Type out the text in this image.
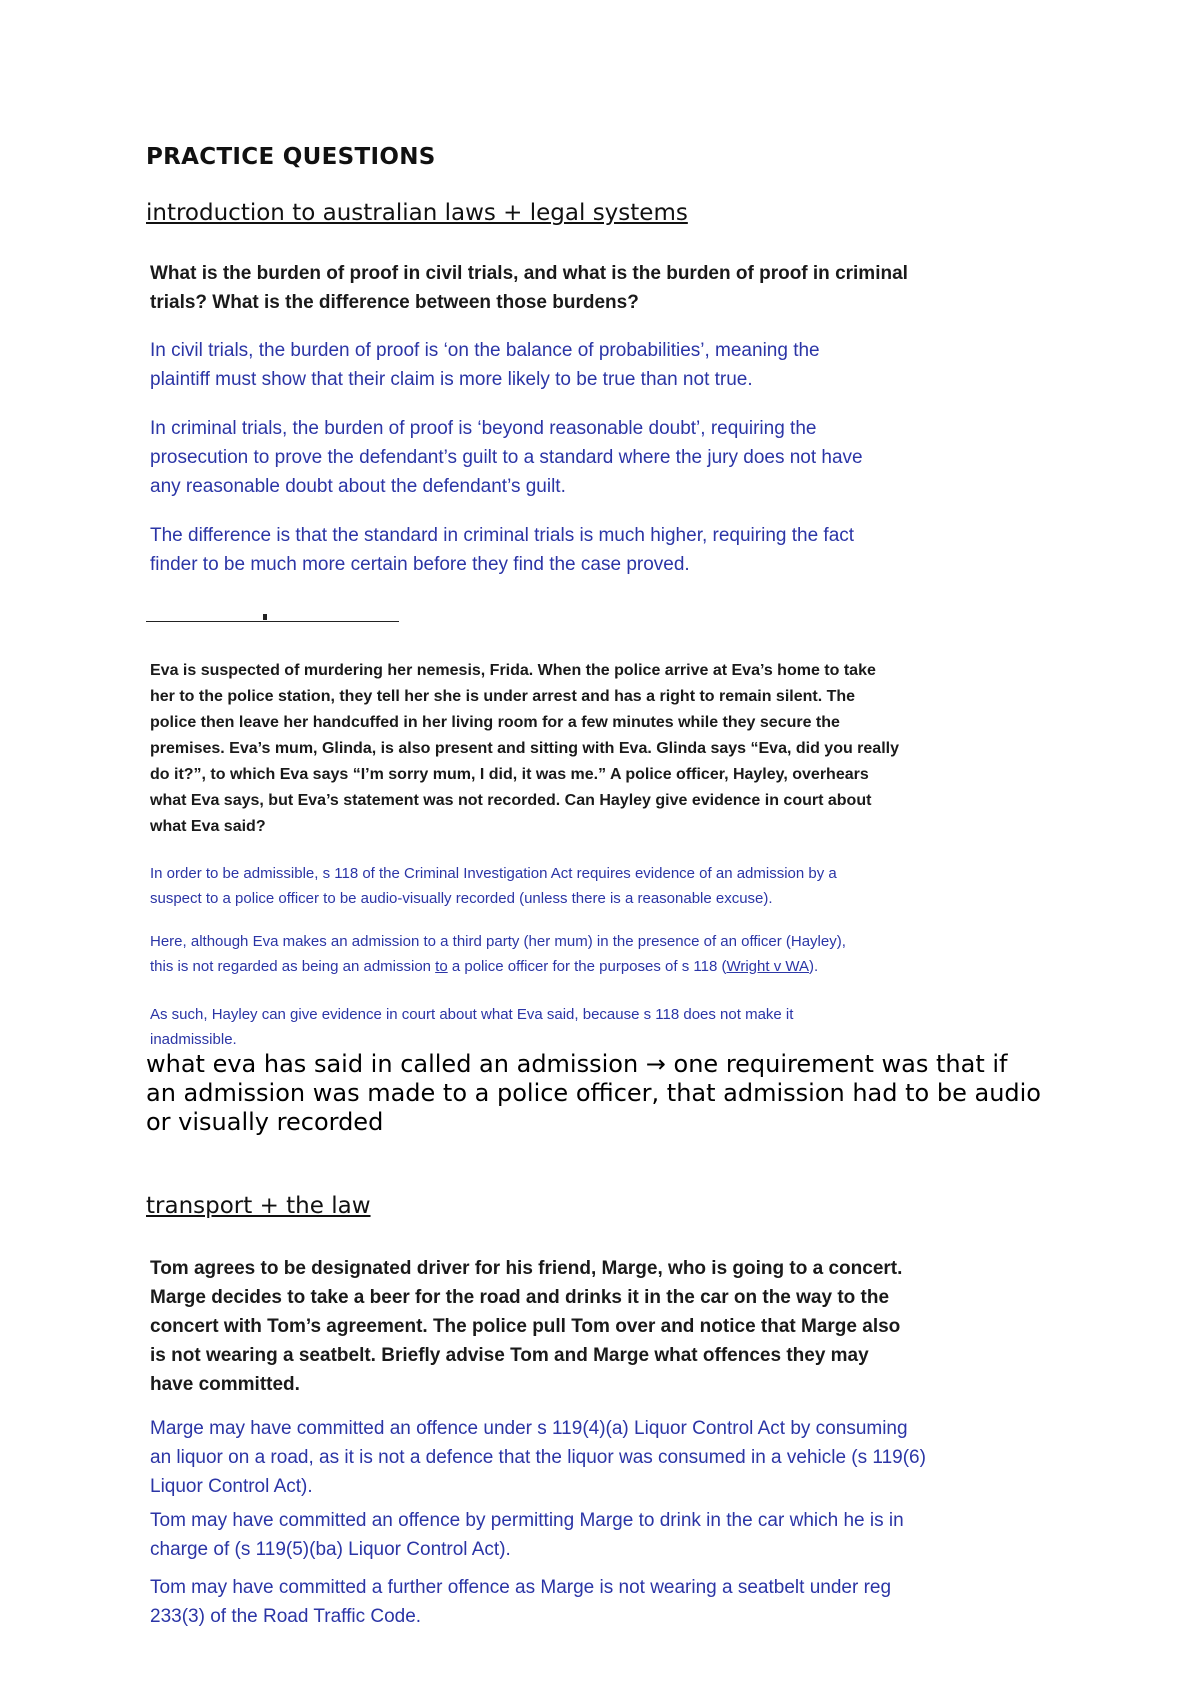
PRACTICE QUESTIONS
introduction to australian laws + legal systems
What is the burden of proof in civil trials, and what is the burden of proof in criminal
trials? What is the difference between those burdens?
In civil trials, the burden of proof is ‘on the balance of probabilities’, meaning the
plaintiff must show that their claim is more likely to be true than not true.
In criminal trials, the burden of proof is ‘beyond reasonable doubt’, requiring the
prosecution to prove the defendant’s guilt to a standard where the jury does not have
any reasonable doubt about the defendant’s guilt.
The difference is that the standard in criminal trials is much higher, requiring the fact
finder to be much more certain before they find the case proved.
Eva is suspected of murdering her nemesis, Frida. When the police arrive at Eva’s home to take
her to the police station, they tell her she is under arrest and has a right to remain silent. The
police then leave her handcuffed in her living room for a few minutes while they secure the
premises. Eva’s mum, Glinda, is also present and sitting with Eva. Glinda says “Eva, did you really
do it?”, to which Eva says “I’m sorry mum, I did, it was me.” A police officer, Hayley, overhears
what Eva says, but Eva’s statement was not recorded. Can Hayley give evidence in court about
what Eva said?
In order to be admissible, s 118 of the Criminal Investigation Act requires evidence of an admission by a
suspect to a police officer to be audio-visually recorded (unless there is a reasonable excuse).
Here, although Eva makes an admission to a third party (her mum) in the presence of an officer (Hayley),
this is not regarded as being an admission to a police officer for the purposes of s 118 (Wright v WA).
As such, Hayley can give evidence in court about what Eva said, because s 118 does not make it
inadmissible.
what eva has said in called an admission → one requirement was that if
an admission was made to a police officer, that admission had to be audio
or visually recorded
transport + the law
Tom agrees to be designated driver for his friend, Marge, who is going to a concert.
Marge decides to take a beer for the road and drinks it in the car on the way to the
concert with Tom’s agreement. The police pull Tom over and notice that Marge also
is not wearing a seatbelt. Briefly advise Tom and Marge what offences they may
have committed.
Marge may have committed an offence under s 119(4)(a) Liquor Control Act by consuming
an liquor on a road, as it is not a defence that the liquor was consumed in a vehicle (s 119(6)
Liquor Control Act).
Tom may have committed an offence by permitting Marge to drink in the car which he is in
charge of (s 119(5)(ba) Liquor Control Act).
Tom may have committed a further offence as Marge is not wearing a seatbelt under reg
233(3) of the Road Traffic Code.
